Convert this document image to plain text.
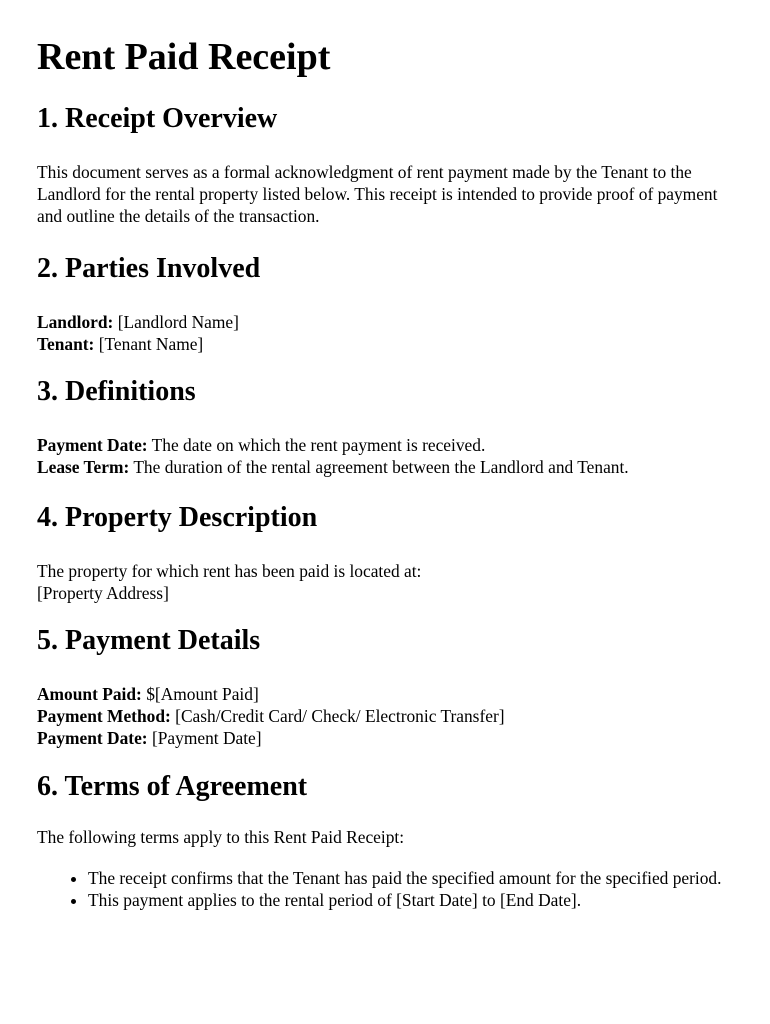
Rent Paid Receipt
1. Receipt Overview

This document serves as a formal acknowledgment of rent payment made by the Tenant to the Landlord for the rental property listed below. This receipt is intended to provide proof of payment and outline the details of the transaction.

2. Parties Involved

Landlord: [Landlord Name]

Tenant: [Tenant Name]

3. Definitions

Payment Date: The date on which the rent payment is received.

Lease Term: The duration of the rental agreement between the Landlord and Tenant.

4. Property Description

The property for which rent has been paid is located at:

[Property Address]

5. Payment Details

Amount Paid: $[Amount Paid]

Payment Method: [Cash/Credit Card/ Check/ Electronic Transfer]

Payment Date: [Payment Date]

6. Terms of Agreement

The following terms apply to this Rent Paid Receipt:

• The receipt confirms that the Tenant has paid the specified amount for the specified period.
• This payment applies to the rental period of [Start Date] to [End Date].
